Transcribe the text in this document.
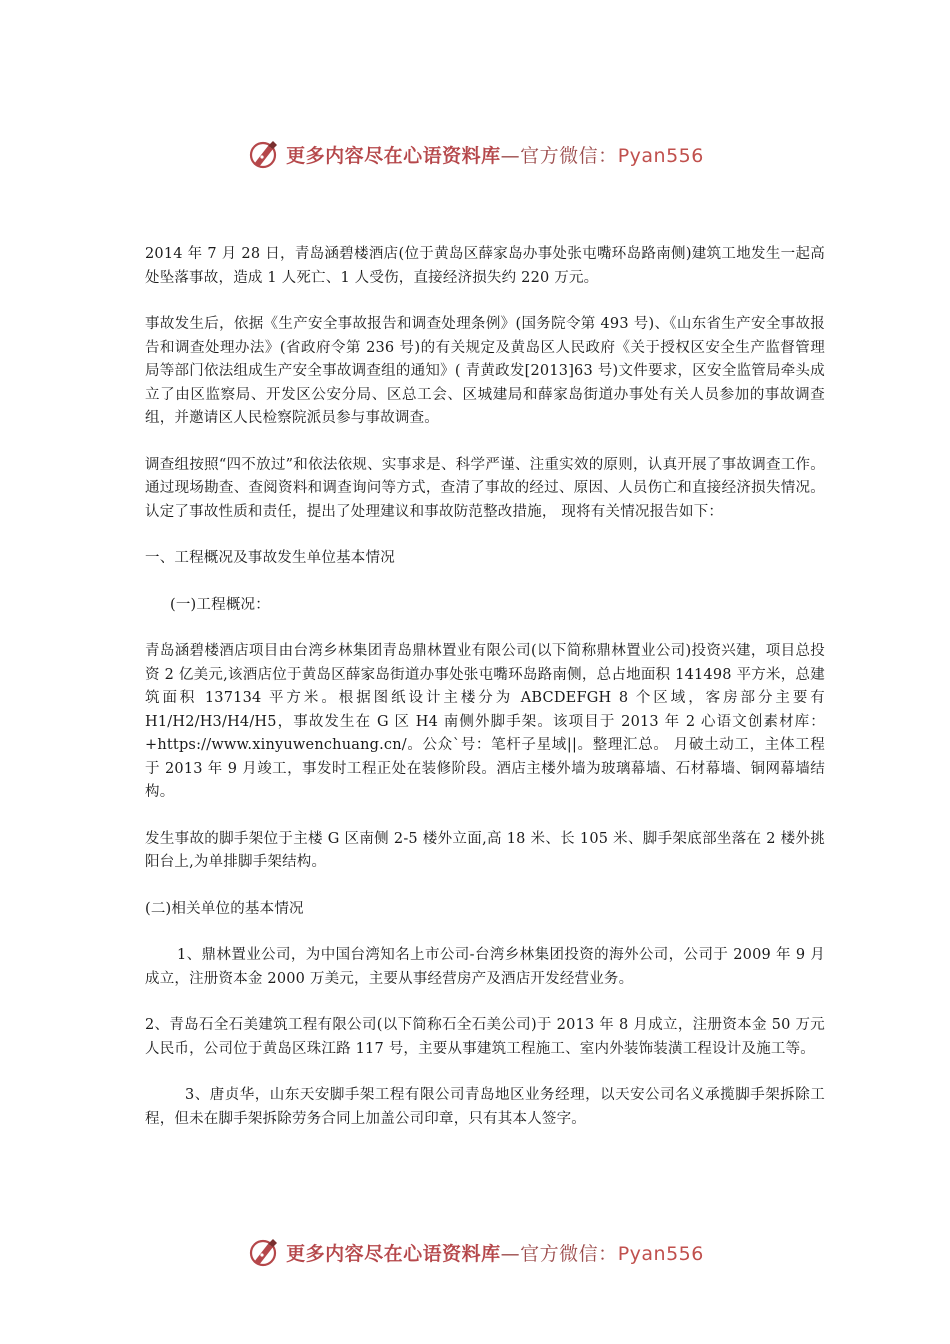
更多内容尽在心语资料库—官方微信：Pyan556

2014 年 7 月 28 日，青岛涵碧楼酒店(位于黄岛区薛家岛办事处张屯嘴环岛路南侧)建筑工地发生一起高处坠落事故，造成 1 人死亡、1 人受伤，直接经济损失约 220 万元。

事故发生后，依据《生产安全事故报告和调查处理条例》(国务院令第 493 号)、《山东省生产安全事故报告和调查处理办法》(省政府令第 236 号)的有关规定及黄岛区人民政府《关于授权区安全生产监督管理局等部门依法组成生产安全事故调查组的通知》( 青黄政发[2013]63 号)文件要求，区安全监管局牵头成立了由区监察局、开发区公安分局、区总工会、区城建局和薛家岛街道办事处有关人员参加的事故调查组，并邀请区人民检察院派员参与事故调查。

调查组按照“四不放过”和依法依规、实事求是、科学严谨、注重实效的原则，认真开展了事故调查工作。通过现场勘查、查阅资料和调查询问等方式，查清了事故的经过、原因、人员伤亡和直接经济损失情况。认定了事故性质和责任，提出了处理建议和事故防范整改措施， 现将有关情况报告如下：

一、工程概况及事故发生单位基本情况

(一)工程概况：

青岛涵碧楼酒店项目由台湾乡林集团青岛鼎林置业有限公司(以下简称鼎林置业公司)投资兴建，项目总投资 2 亿美元,该酒店位于黄岛区薛家岛街道办事处张屯嘴环岛路南侧，总占地面积 141498 平方米，总建筑面积 137134 平方米。根据图纸设计主楼分为 ABCDEFGH 8 个区域，客房部分主要有 H1/H2/H3/H4/H5，事故发生在 G 区 H4 南侧外脚手架。该项目于 2013 年 2 心语文创素材库：+https://www.xinyuwenchuang.cn/。公众`号：笔杆子星域||。整理汇总。 月破土动工，主体工程于 2013 年 9 月竣工，事发时工程正处在装修阶段。酒店主楼外墙为玻璃幕墙、石材幕墙、铜网幕墙结构。

发生事故的脚手架位于主楼 G 区南侧 2-5 楼外立面,高 18 米、长 105 米、脚手架底部坐落在 2 楼外挑阳台上,为单排脚手架结构。

(二)相关单位的基本情况

1、鼎林置业公司，为中国台湾知名上市公司-台湾乡林集团投资的海外公司，公司于 2009 年 9 月成立，注册资本金 2000 万美元，主要从事经营房产及酒店开发经营业务。

2、青岛石全石美建筑工程有限公司(以下简称石全石美公司)于 2013 年 8 月成立，注册资本金 50 万元人民币，公司位于黄岛区珠江路 117 号，主要从事建筑工程施工、室内外装饰装潢工程设计及施工等。

3、唐贞华，山东天安脚手架工程有限公司青岛地区业务经理，以天安公司名义承揽脚手架拆除工程，但未在脚手架拆除劳务合同上加盖公司印章，只有其本人签字。

更多内容尽在心语资料库—官方微信：Pyan556
